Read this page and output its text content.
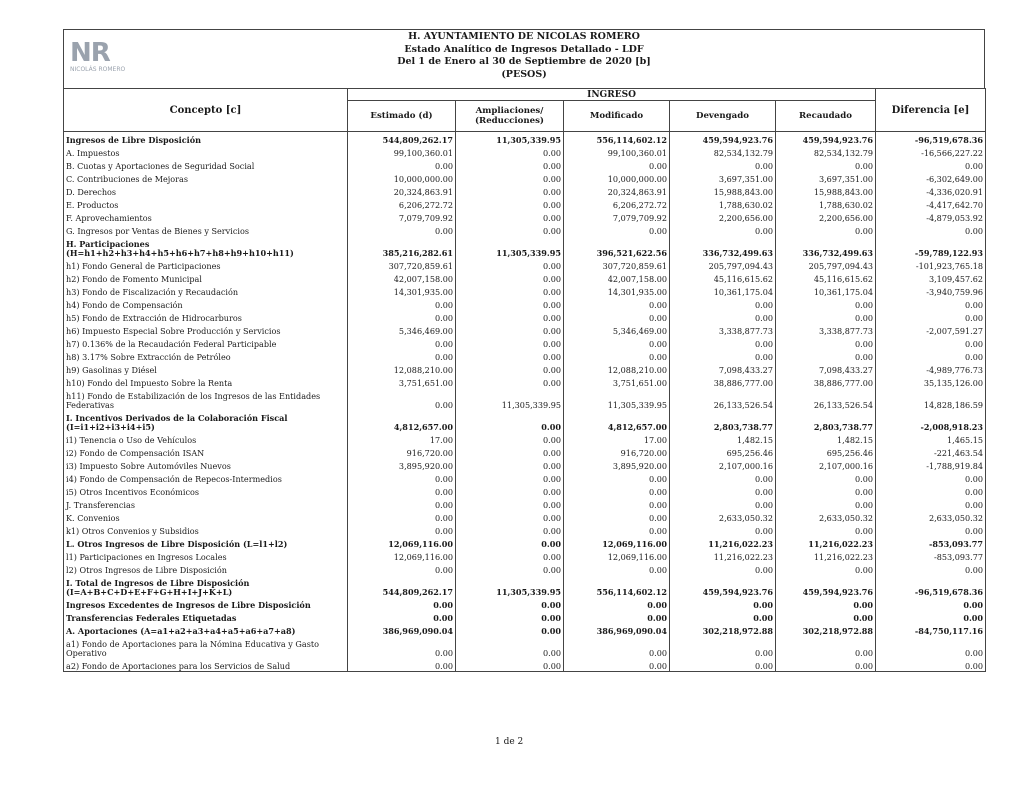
NR
NICOLÁS ROMERO
H. AYUNTAMIENTO DE NICOLAS ROMERO
Estado Analítico de Ingresos Detallado - LDF
Del 1 de Enero al 30 de Septiembre de 2020 [b]
(PESOS)
Concepto [c]	INGRESO					Diferencia [e]
	Estimado (d)	Ampliaciones/ (Reducciones)	Modificado	Devengado	Recaudado	
Ingresos de Libre Disposición	544,809,262.17	11,305,339.95	556,114,602.12	459,594,923.76	459,594,923.76	-96,519,678.36
A. Impuestos	99,100,360.01	0.00	99,100,360.01	82,534,132.79	82,534,132.79	-16,566,227.22
B. Cuotas y Aportaciones de Seguridad Social	0.00	0.00	0.00	0.00	0.00	0.00
C. Contribuciones de Mejoras	10,000,000.00	0.00	10,000,000.00	3,697,351.00	3,697,351.00	-6,302,649.00
D. Derechos	20,324,863.91	0.00	20,324,863.91	15,988,843.00	15,988,843.00	-4,336,020.91
E. Productos	6,206,272.72	0.00	6,206,272.72	1,788,630.02	1,788,630.02	-4,417,642.70
F. Aprovechamientos	7,079,709.92	0.00	7,079,709.92	2,200,656.00	2,200,656.00	-4,879,053.92
G. Ingresos por Ventas de Bienes y Servicios	0.00	0.00	0.00	0.00	0.00	0.00
H. Participaciones (H=h1+h2+h3+h4+h5+h6+h7+h8+h9+h10+h11)	385,216,282.61	11,305,339.95	396,521,622.56	336,732,499.63	336,732,499.63	-59,789,122.93
h1) Fondo General de Participaciones	307,720,859.61	0.00	307,720,859.61	205,797,094.43	205,797,094.43	-101,923,765.18
h2) Fondo de Fomento Municipal	42,007,158.00	0.00	42,007,158.00	45,116,615.62	45,116,615.62	3,109,457.62
h3) Fondo de Fiscalización y Recaudación	14,301,935.00	0.00	14,301,935.00	10,361,175.04	10,361,175.04	-3,940,759.96
h4) Fondo de Compensación	0.00	0.00	0.00	0.00	0.00	0.00
h5) Fondo de Extracción de Hidrocarburos	0.00	0.00	0.00	0.00	0.00	0.00
h6) Impuesto Especial Sobre Producción y Servicios	5,346,469.00	0.00	5,346,469.00	3,338,877.73	3,338,877.73	-2,007,591.27
h7) 0.136% de la Recaudación Federal Participable	0.00	0.00	0.00	0.00	0.00	0.00
h8) 3.17% Sobre Extracción de Petróleo	0.00	0.00	0.00	0.00	0.00	0.00
h9) Gasolinas y Diésel	12,088,210.00	0.00	12,088,210.00	7,098,433.27	7,098,433.27	-4,989,776.73
h10) Fondo del Impuesto Sobre la Renta	3,751,651.00	0.00	3,751,651.00	38,886,777.00	38,886,777.00	35,135,126.00
h11) Fondo de Estabilización de los Ingresos de las Entidades Federativas	0.00	11,305,339.95	11,305,339.95	26,133,526.54	26,133,526.54	14,828,186.59
I. Incentivos Derivados de la Colaboración Fiscal (I=i1+i2+i3+i4+i5)	4,812,657.00	0.00	4,812,657.00	2,803,738.77	2,803,738.77	-2,008,918.23
i1) Tenencia o Uso de Vehículos	17.00	0.00	17.00	1,482.15	1,482.15	1,465.15
i2) Fondo de Compensación ISAN	916,720.00	0.00	916,720.00	695,256.46	695,256.46	-221,463.54
i3) Impuesto Sobre Automóviles Nuevos	3,895,920.00	0.00	3,895,920.00	2,107,000.16	2,107,000.16	-1,788,919.84
i4) Fondo de Compensación de Repecos-Intermedios	0.00	0.00	0.00	0.00	0.00	0.00
i5) Otros Incentivos Económicos	0.00	0.00	0.00	0.00	0.00	0.00
J. Transferencias	0.00	0.00	0.00	0.00	0.00	0.00
K. Convenios	0.00	0.00	0.00	2,633,050.32	2,633,050.32	2,633,050.32
k1) Otros Convenios y Subsidios	0.00	0.00	0.00	0.00	0.00	0.00
L. Otros Ingresos de Libre Disposición (L=l1+l2)	12,069,116.00	0.00	12,069,116.00	11,216,022.23	11,216,022.23	-853,093.77
l1) Participaciones en Ingresos Locales	12,069,116.00	0.00	12,069,116.00	11,216,022.23	11,216,022.23	-853,093.77
l2) Otros Ingresos de Libre Disposición	0.00	0.00	0.00	0.00	0.00	0.00
I. Total de Ingresos de Libre Disposición (I=A+B+C+D+E+F+G+H+I+J+K+L)	544,809,262.17	11,305,339.95	556,114,602.12	459,594,923.76	459,594,923.76	-96,519,678.36
Ingresos Excedentes de Ingresos de Libre Disposición	0.00	0.00	0.00	0.00	0.00	0.00
Transferencias Federales Etiquetadas	0.00	0.00	0.00	0.00	0.00	0.00
A. Aportaciones (A=a1+a2+a3+a4+a5+a6+a7+a8)	386,969,090.04	0.00	386,969,090.04	302,218,972.88	302,218,972.88	-84,750,117.16
a1) Fondo de Aportaciones para la Nómina Educativa y Gasto Operativo	0.00	0.00	0.00	0.00	0.00	0.00
a2) Fondo de Aportaciones para los Servicios de Salud	0.00	0.00	0.00	0.00	0.00	0.00
1 de 2
